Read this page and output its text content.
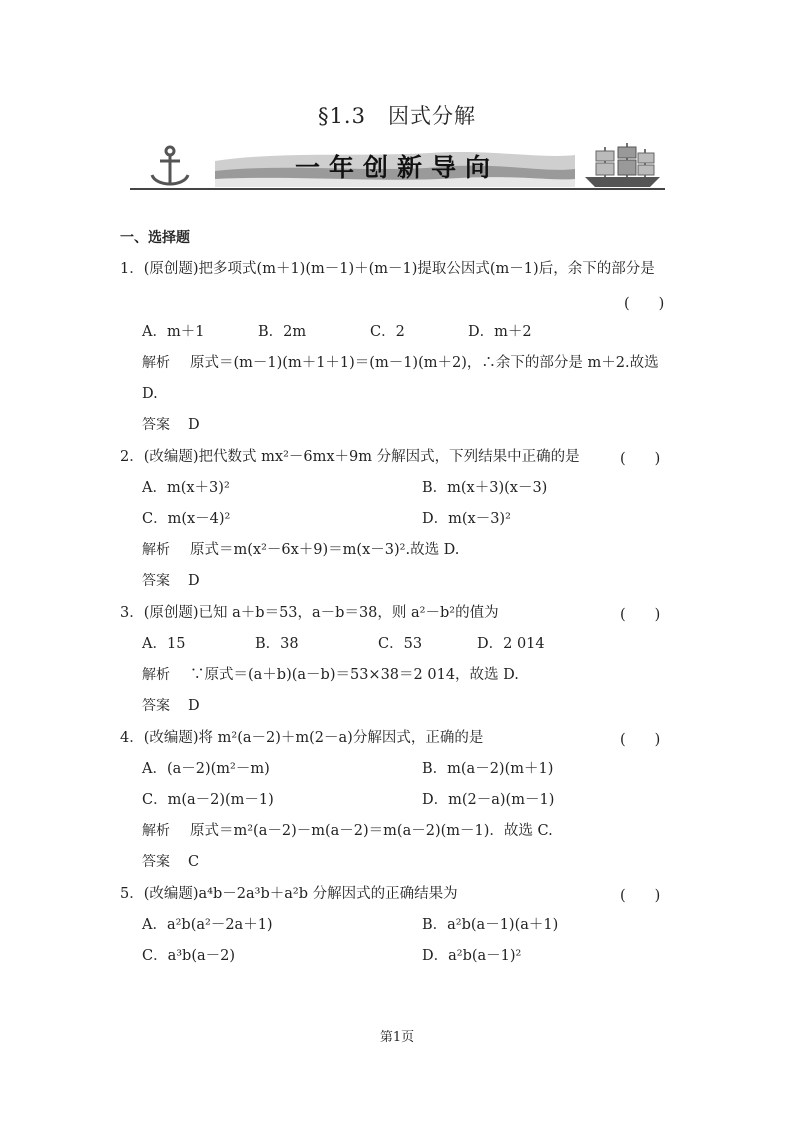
§1.3　因式分解
一年创新导向
一、选择题
1．(原创题)把多项式(m＋1)(m－1)＋(m－1)提取公因式(m－1)后，余下的部分是
(　　)
A．m＋1	B．2m	C．2	D．m＋2
解析 原式＝(m－1)(m＋1＋1)＝(m－1)(m＋2)，∴余下的部分是 m＋2.故选
D.
答案 D
2．(改编题)把代数式 mx²－6mx＋9m 分解因式，下列结果中正确的是	(　　)
A．m(x＋3)²	B．m(x＋3)(x－3)
C．m(x－4)²	D．m(x－3)²
解析 原式＝m(x²－6x＋9)＝m(x－3)².故选 D.
答案 D
3．(原创题)已知 a＋b＝53，a－b＝38，则 a²－b²的值为	(　　)
A．15	B．38	C．53	D．2 014
解析 ∵原式＝(a＋b)(a－b)＝53×38＝2 014，故选 D.
答案 D
4．(改编题)将 m²(a－2)＋m(2－a)分解因式，正确的是	(　　)
A．(a－2)(m²－m)	B．m(a－2)(m＋1)
C．m(a－2)(m－1)	D．m(2－a)(m－1)
解析 原式＝m²(a－2)－m(a－2)＝m(a－2)(m－1)．故选 C.
答案 C
5．(改编题)a⁴b－2a³b＋a²b 分解因式的正确结果为	(　　)
A．a²b(a²－2a＋1)	B．a²b(a－1)(a＋1)
C．a³b(a－2)	D．a²b(a－1)²
第1页
